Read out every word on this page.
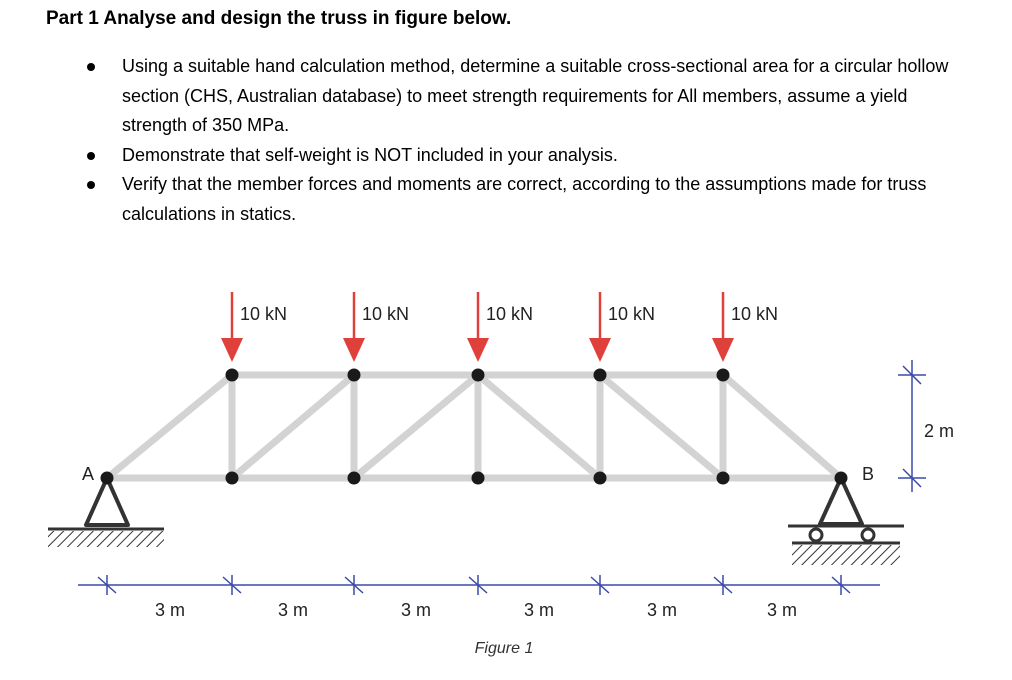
Part 1 Analyse and design the truss in figure below.
Using a suitable hand calculation method, determine a suitable cross-sectional area for a circular hollow section (CHS, Australian database) to meet strength requirements for All members, assume a yield strength of 350 MPa.
Demonstrate that self-weight is NOT included in your analysis.
Verify that the member forces and moments are correct, according to the assumptions made for truss calculations in statics.
10 kN	10 kN	10 kN	10 kN	10 kN
A	B
3 m	3 m	3 m	3 m	3 m	3 m
2 m
Figure 1
